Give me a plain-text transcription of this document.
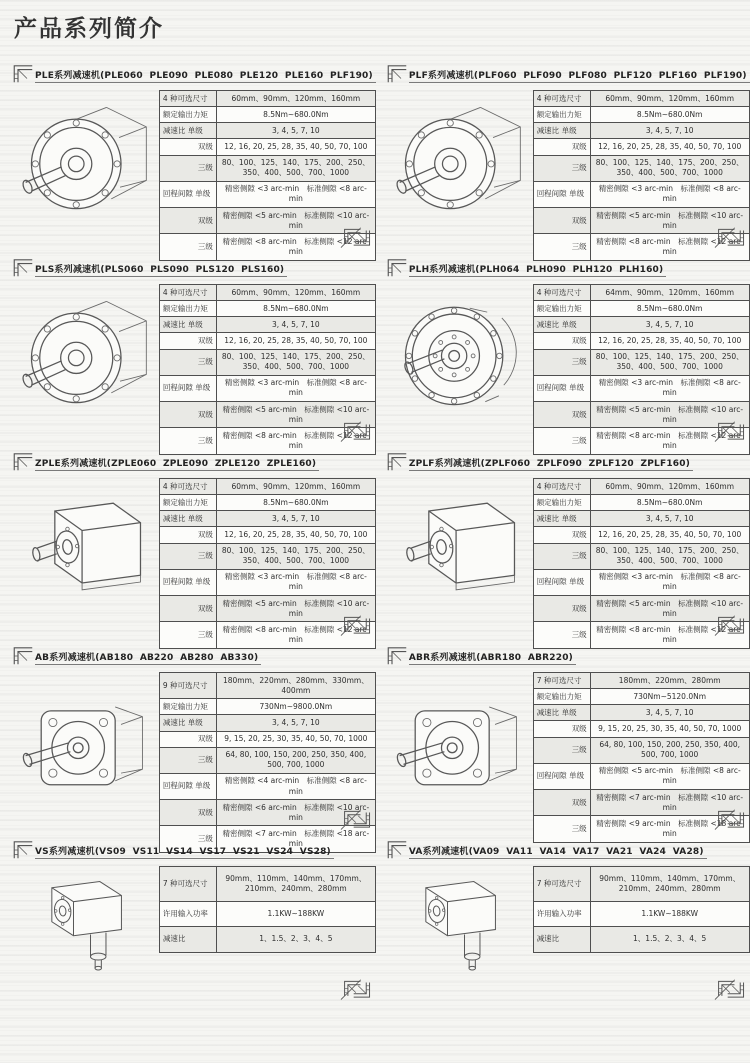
产品系列简介
PLE系列减速机(PLE060  PLE090  PLE080  PLE120  PLE160  PLF190)
4 种可选尺寸	60mm、90mm、120mm、160mm
额定输出力矩	8.5Nm~680.0Nm
减速比 单级	3, 4, 5, 7, 10
双级	12, 16, 20, 25, 28, 35, 40, 50, 70, 100
三级	80、100、125、140、175、200、250、350、400、500、700、1000
回程间隙 单级	精密侧隙 <3 arc-min　标准侧隙 <8 arc-min
双级	精密侧隙 <5 arc-min　标准侧隙 <10 arc-min
三级	精密侧隙 <8 arc-min　标准侧隙 <12 arc-min
PLF系列减速机(PLF060  PLF090  PLF080  PLF120  PLF160  PLF190)
4 种可选尺寸	60mm、90mm、120mm、160mm
额定输出力矩	8.5Nm~680.0Nm
减速比 单级	3, 4, 5, 7, 10
双级	12, 16, 20, 25, 28, 35, 40, 50, 70, 100
三级	80、100、125、140、175、200、250、350、400、500、700、1000
回程间隙 单级	精密侧隙 <3 arc-min　标准侧隙 <8 arc-min
双级	精密侧隙 <5 arc-min　标准侧隙 <10 arc-min
三级	精密侧隙 <8 arc-min　标准侧隙 <12 arc-min
PLS系列减速机(PLS060  PLS090  PLS120  PLS160)
4 种可选尺寸	60mm、90mm、120mm、160mm
额定输出力矩	8.5Nm~680.0Nm
减速比 单级	3, 4, 5, 7, 10
双级	12, 16, 20, 25, 28, 35, 40, 50, 70, 100
三级	80、100、125、140、175、200、250、350、400、500、700、1000
回程间隙 单级	精密侧隙 <3 arc-min　标准侧隙 <8 arc-min
双级	精密侧隙 <5 arc-min　标准侧隙 <10 arc-min
三级	精密侧隙 <8 arc-min　标准侧隙 <12 arc-min
PLH系列减速机(PLH064  PLH090  PLH120  PLH160)
4 种可选尺寸	64mm、90mm、120mm、160mm
额定输出力矩	8.5Nm~680.0Nm
减速比 单级	3, 4, 5, 7, 10
双级	12, 16, 20, 25, 28, 35, 40, 50, 70, 100
三级	80、100、125、140、175、200、250、350、400、500、700、1000
回程间隙 单级	精密侧隙 <3 arc-min　标准侧隙 <8 arc-min
双级	精密侧隙 <5 arc-min　标准侧隙 <10 arc-min
三级	精密侧隙 <8 arc-min　标准侧隙 <12 arc-min
ZPLE系列减速机(ZPLE060  ZPLE090  ZPLE120  ZPLE160)
4 种可选尺寸	60mm、90mm、120mm、160mm
额定输出力矩	8.5Nm~680.0Nm
减速比 单级	3, 4, 5, 7, 10
双级	12, 16, 20, 25, 28, 35, 40, 50, 70, 100
三级	80、100、125、140、175、200、250、350、400、500、700、1000
回程间隙 单级	精密侧隙 <3 arc-min　标准侧隙 <8 arc-min
双级	精密侧隙 <5 arc-min　标准侧隙 <10 arc-min
三级	精密侧隙 <8 arc-min　标准侧隙 <12 arc-min
ZPLF系列减速机(ZPLF060  ZPLF090  ZPLF120  ZPLF160)
4 种可选尺寸	60mm、90mm、120mm、160mm
额定输出力矩	8.5Nm~680.0Nm
减速比 单级	3, 4, 5, 7, 10
双级	12, 16, 20, 25, 28, 35, 40, 50, 70, 100
三级	80、100、125、140、175、200、250、350、400、500、700、1000
回程间隙 单级	精密侧隙 <3 arc-min　标准侧隙 <8 arc-min
双级	精密侧隙 <5 arc-min　标准侧隙 <10 arc-min
三级	精密侧隙 <8 arc-min　标准侧隙 <12 arc-min
AB系列减速机(AB180  AB220  AB280  AB330)
9 种可选尺寸	180mm、220mm、280mm、330mm、400mm
额定输出力矩	730Nm~9800.0Nm
减速比 单级	3, 4, 5, 7, 10
双级	9, 15, 20, 25, 30, 35, 40, 50, 70, 1000
三级	64, 80, 100, 150, 200, 250, 350, 400, 500, 700, 1000
回程间隙 单级	精密侧隙 <4 arc-min　标准侧隙 <8 arc-min
双级	精密侧隙 <6 arc-min　标准侧隙 <10 arc-min
三级	精密侧隙 <7 arc-min　标准侧隙 <18 arc-min
ABR系列减速机(ABR180  ABR220)
7 种可选尺寸	180mm、220mm、280mm
额定输出力矩	730Nm~5120.0Nm
减速比 单级	3, 4, 5, 7, 10
双级	9, 15, 20, 25, 30, 35, 40, 50, 70, 1000
三级	64, 80, 100, 150, 200, 250, 350, 400, 500, 700, 1000
回程间隙 单级	精密侧隙 <5 arc-min　标准侧隙 <8 arc-min
双级	精密侧隙 <7 arc-min　标准侧隙 <10 arc-min
三级	精密侧隙 <9 arc-min　标准侧隙 <18 arc-min
VS系列减速机(VS09  VS11  VS14  VS17  VS21  VS24  VS28)
7 种可选尺寸	90mm、110mm、140mm、170mm、210mm、240mm、280mm
许用输入功率	1.1KW~188KW
减速比	1、1.5、2、3、4、5
VA系列减速机(VA09  VA11  VA14  VA17  VA21  VA24  VA28)
7 种可选尺寸	90mm、110mm、140mm、170mm、210mm、240mm、280mm
许用输入功率	1.1KW~188KW
减速比	1、1.5、2、3、4、5
